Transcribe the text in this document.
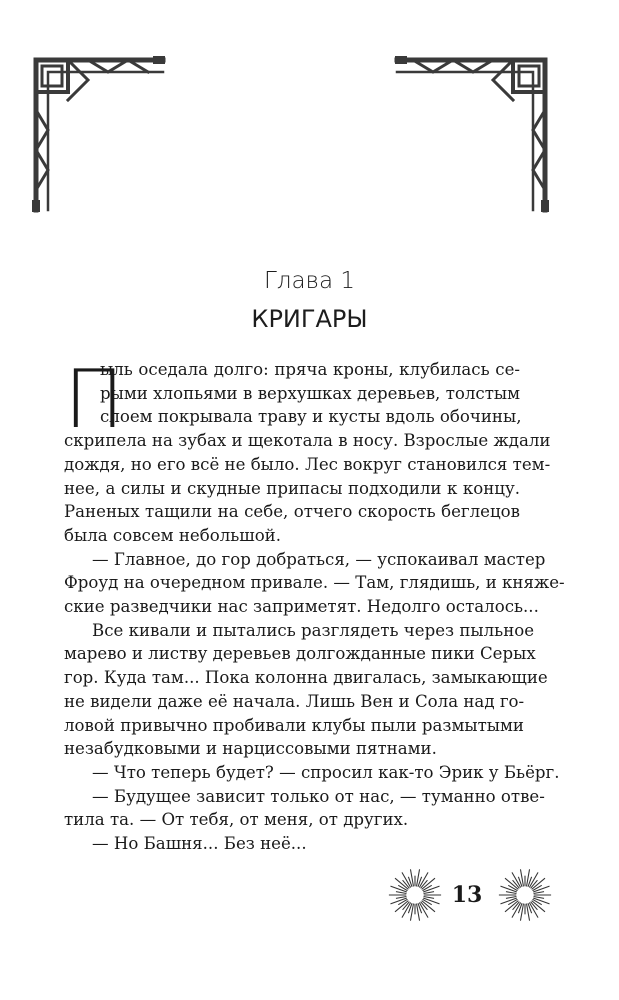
Глава 1
КРИГАРЫ
П
ыль оседала долго: пряча кроны, клубилась се-
рыми хлопьями в верхушках деревьев, толстым
слоем покрывала траву и кусты вдоль обочины,
скрипела на зубах и щекотала в носу. Взрослые ждали
дождя, но его всё не было. Лес вокруг становился тем-
нее, а силы и скудные припасы подходили к концу.
Раненых тащили на себе, отчего скорость беглецов
была совсем небольшой.
— Главное, до гор добраться, — успокаивал мастер
Фроуд на очередном привале. — Там, глядишь, и княже-
ские разведчики нас заприметят. Недолго осталось...
Все кивали и пытались разглядеть через пыльное
марево и листву деревьев долгожданные пики Серых
гор. Куда там... Пока колонна двигалась, замыкающие
не видели даже её начала. Лишь Вен и Сола над го-
ловой привычно пробивали клубы пыли размытыми
незабудковыми и нарциссовыми пятнами.
— Что теперь будет? — спросил как-то Эрик у Бьёрг.
— Будущее зависит только от нас, — туманно отве-
тила та. — От тебя, от меня, от других.
— Но Башня... Без неё...
13
